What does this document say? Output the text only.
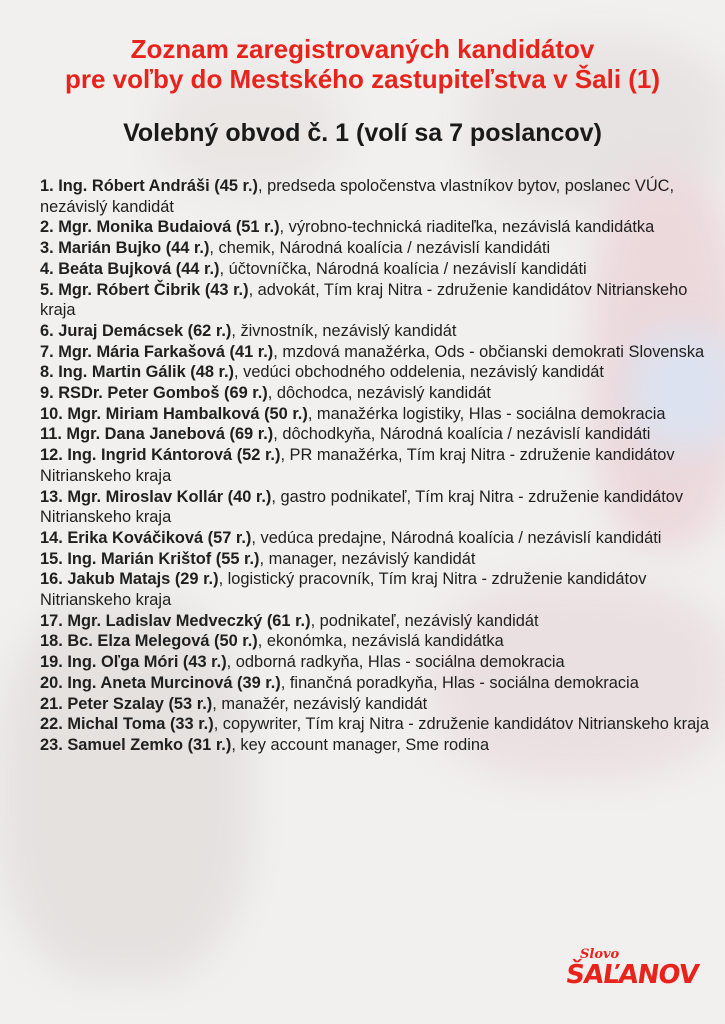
Zoznam zaregistrovaných kandidátov
pre voľby do Mestského zastupiteľstva v Šali (1)
Volebný obvod č. 1 (volí sa 7 poslancov)
1. Ing. Róbert Andráši (45 r.), predseda spoločenstva vlastníkov bytov, poslanec VÚC, nezávislý kandidát
2. Mgr. Monika Budaiová (51 r.), výrobno-technická riaditeľka, nezávislá kandidátka
3. Marián Bujko (44 r.), chemik, Národná koalícia / nezávislí kandidáti
4. Beáta Bujková (44 r.), účtovníčka, Národná koalícia / nezávislí kandidáti
5. Mgr. Róbert Čibrik (43 r.), advokát, Tím kraj Nitra - združenie kandidátov Nitrianskeho kraja
6. Juraj Demácsek (62 r.), živnostník, nezávislý kandidát
7. Mgr. Mária Farkašová (41 r.), mzdová manažérka, Ods - občianski demokrati Slovenska
8. Ing. Martin Gálik (48 r.), vedúci obchodného oddelenia, nezávislý kandidát
9. RSDr. Peter Gomboš (69 r.), dôchodca, nezávislý kandidát
10. Mgr. Miriam Hambalková (50 r.), manažérka logistiky, Hlas - sociálna demokracia
11. Mgr. Dana Janebová (69 r.), dôchodkyňa, Národná koalícia / nezávislí kandidáti
12. Ing. Ingrid Kántorová (52 r.), PR manažérka, Tím kraj Nitra - združenie kandidátov Nitrianskeho kraja
13. Mgr. Miroslav Kollár (40 r.), gastro podnikateľ, Tím kraj Nitra - združenie kandidátov Nitrianskeho kraja
14. Erika Kováčiková (57 r.), vedúca predajne, Národná koalícia / nezávislí kandidáti
15. Ing. Marián Krištof (55 r.), manager, nezávislý kandidát
16. Jakub Matajs (29 r.), logistický pracovník, Tím kraj Nitra - združenie kandidátov Nitrianskeho kraja
17. Mgr. Ladislav Medveczký (61 r.), podnikateľ, nezávislý kandidát
18. Bc. Elza Melegová (50 r.), ekonómka, nezávislá kandidátka
19. Ing. Oľga Móri (43 r.), odborná radkyňa, Hlas - sociálna demokracia
20. Ing. Aneta Murcinová (39 r.), finančná poradkyňa, Hlas - sociálna demokracia
21. Peter Szalay (53 r.), manažér, nezávislý kandidát
22. Michal Toma (33 r.), copywriter, Tím kraj Nitra - združenie kandidátov Nitrianskeho kraja
23. Samuel Zemko (31 r.), key account manager, Sme rodina
Slovo
ŠAĽANOV
